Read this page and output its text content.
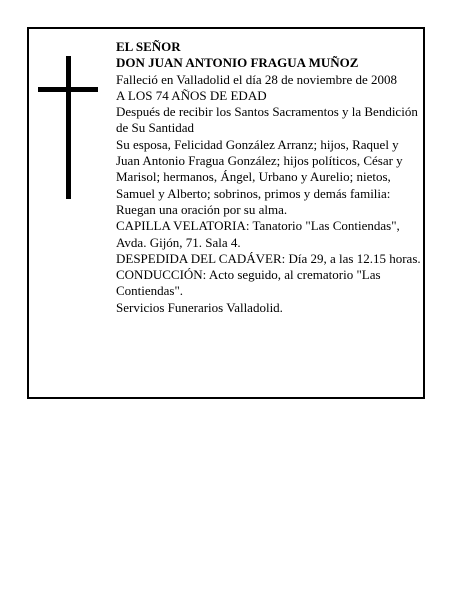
EL SEÑOR

DON JUAN ANTONIO FRAGUA MUÑOZ

Falleció en Valladolid el día 28 de noviembre de 2008

A LOS 74 AÑOS DE EDAD

Después de recibir los Santos Sacramentos y la Bendición de Su Santidad

Su esposa, Felicidad González Arranz; hijos, Raquel y Juan Antonio Fragua González; hijos políticos, César y Marisol; hermanos, Ángel, Urbano y Aurelio; nietos, Samuel y Alberto; sobrinos, primos y demás familia:

Ruegan una oración por su alma.

CAPILLA VELATORIA: Tanatorio "Las Contiendas", Avda. Gijón, 71. Sala 4.

DESPEDIDA DEL CADÁVER: Día 29, a las 12.15 horas.

CONDUCCIÓN: Acto seguido, al crematorio "Las Contiendas".

Servicios Funerarios Valladolid.
